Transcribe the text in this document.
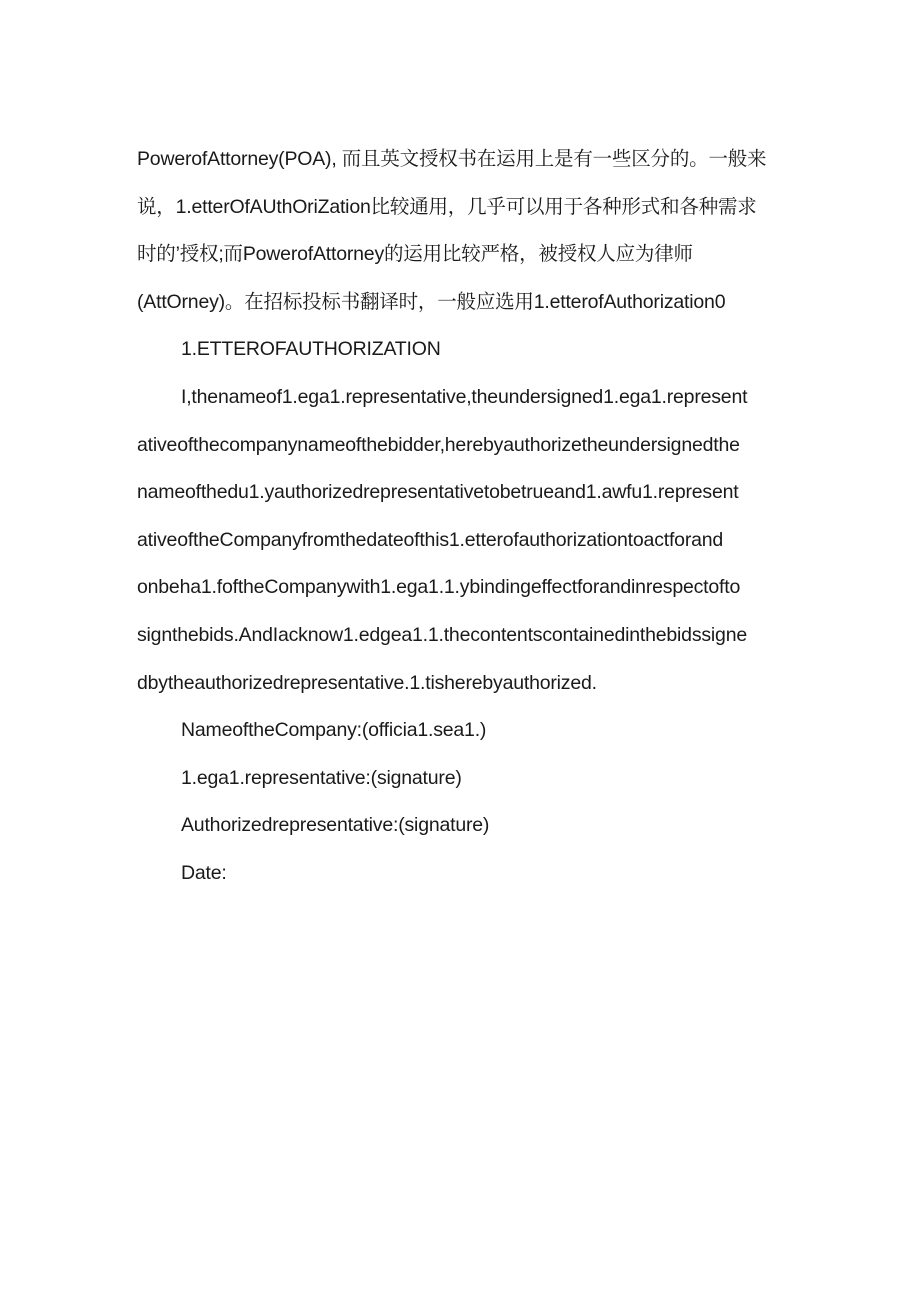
PowerofAttorney(POA), 而且英文授权书在运用上是有一些区分的。一般来
说，1.etterOfAUthOriZation比较通用，几乎可以用于各种形式和各种需求
时的’授权;而PowerofAttorney的运用比较严格，被授权人应为律师
(AttOrney)。在招标投标书翻译时，一般应选用1.etterofAuthorization0
1.ETTEROFAUTHORIZATION
I,thenameof1.ega1.representative,theundersigned1.ega1.represent
ativeofthecompanynameofthebidder,herebyauthorizetheundersignedthe
nameofthedu1.yauthorizedrepresentativetobetrueand1.awfu1.represent
ativeoftheCompanyfromthedateofthis1.etterofauthorizationtoactforand
onbeha1.foftheCompanywith1.ega1.1.ybindingeffectforandinrespectofto
signthebids.AndIacknow1.edgea1.1.thecontentscontainedinthebidssigne
dbytheauthorizedrepresentative.1.tisherebyauthorized.
NameoftheCompany:(officia1.sea1.)
1.ega1.representative:(signature)
Authorizedrepresentative:(signature)
Date:
